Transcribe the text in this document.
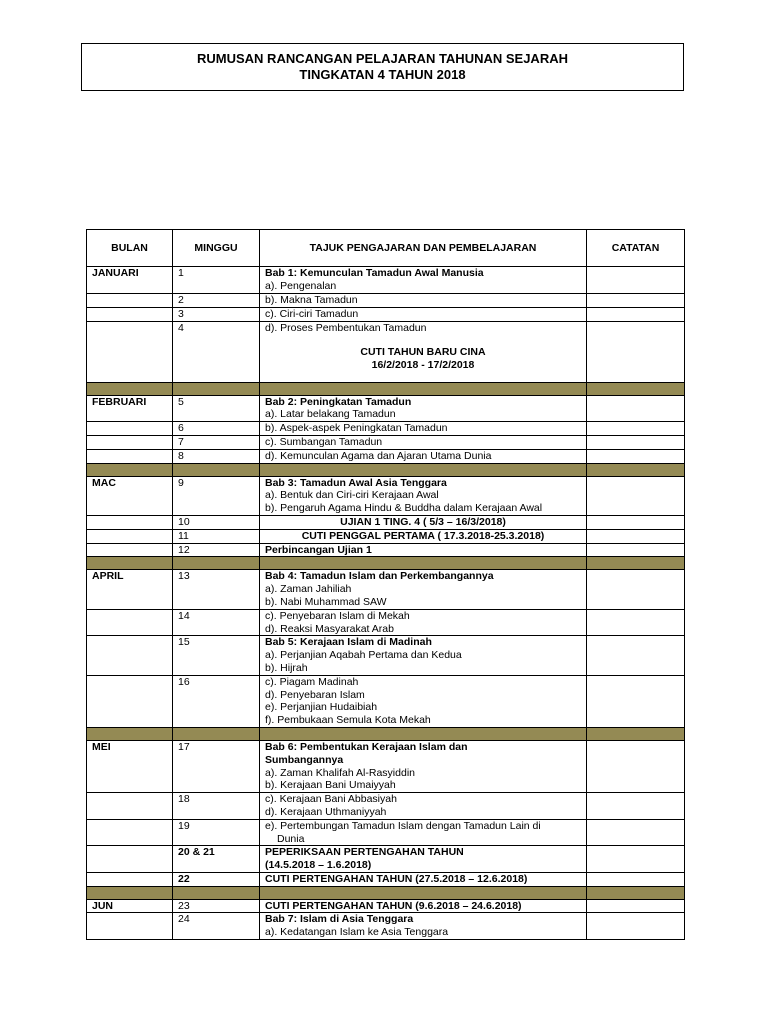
RUMUSAN RANCANGAN PELAJARAN TAHUNAN SEJARAH
TINGKATAN 4 TAHUN 2018
BULAN	MINGGU	TAJUK PENGAJARAN DAN PEMBELAJARAN	CATATAN
JANUARI	1	Bab 1: Kemunculan Tamadun Awal Manusia
a). Pengenalan	

	2	b). Makna Tamadun	
	3	c). Ciri-ciri Tamadun	
	4	d). Proses Pembentukan Tamadun
CUTI TAHUN BARU CINA
16/2/2018 - 17/2/2018	

FEBRUARI	5	Bab 2: Peningkatan Tamadun
a). Latar belakang Tamadun	

	6	b). Aspek-aspek Peningkatan Tamadun	
	7	c). Sumbangan Tamadun	
	8	d). Kemunculan Agama dan Ajaran Utama Dunia	

MAC	9	Bab 3: Tamadun Awal Asia Tenggara
a). Bentuk dan Ciri-ciri Kerajaan Awal
b). Pengaruh Agama Hindu & Buddha dalam Kerajaan Awal	

	10	UJIAN 1 TING. 4 ( 5/3 – 16/3/2018)	
	11	CUTI PENGGAL PERTAMA ( 17.3.2018-25.3.2018)	
	12	Perbincangan Ujian 1	

APRIL	13	Bab 4: Tamadun Islam dan Perkembangannya
a). Zaman Jahiliah
b). Nabi Muhammad SAW	

	14	c). Penyebaran Islam di Mekah
d). Reaksi Masyarakat Arab	

	15	Bab 5: Kerajaan Islam di Madinah
a). Perjanjian Aqabah Pertama dan Kedua
b). Hijrah	

	16	c). Piagam Madinah
d). Penyebaran Islam
e). Perjanjian Hudaibiah
f). Pembukaan Semula Kota Mekah	

MEI	17	Bab 6: Pembentukan Kerajaan Islam dan
Sumbangannya
a). Zaman Khalifah Al-Rasyiddin
b). Kerajaan Bani Umaiyyah	

	18	c). Kerajaan Bani Abbasiyah
d). Kerajaan Uthmaniyyah	

	19	e). Pertembungan Tamadun Islam dengan Tamadun Lain di
Dunia	

	20 & 21	PEPERIKSAAN PERTENGAHAN TAHUN
(14.5.2018 – 1.6.2018)	

	22	CUTI PERTENGAHAN TAHUN (27.5.2018 – 12.6.2018)	

JUN	23	CUTI PERTENGAHAN TAHUN (9.6.2018 – 24.6.2018)	
	24	Bab 7: Islam di Asia Tenggara
a). Kedatangan Islam ke Asia Tenggara	
